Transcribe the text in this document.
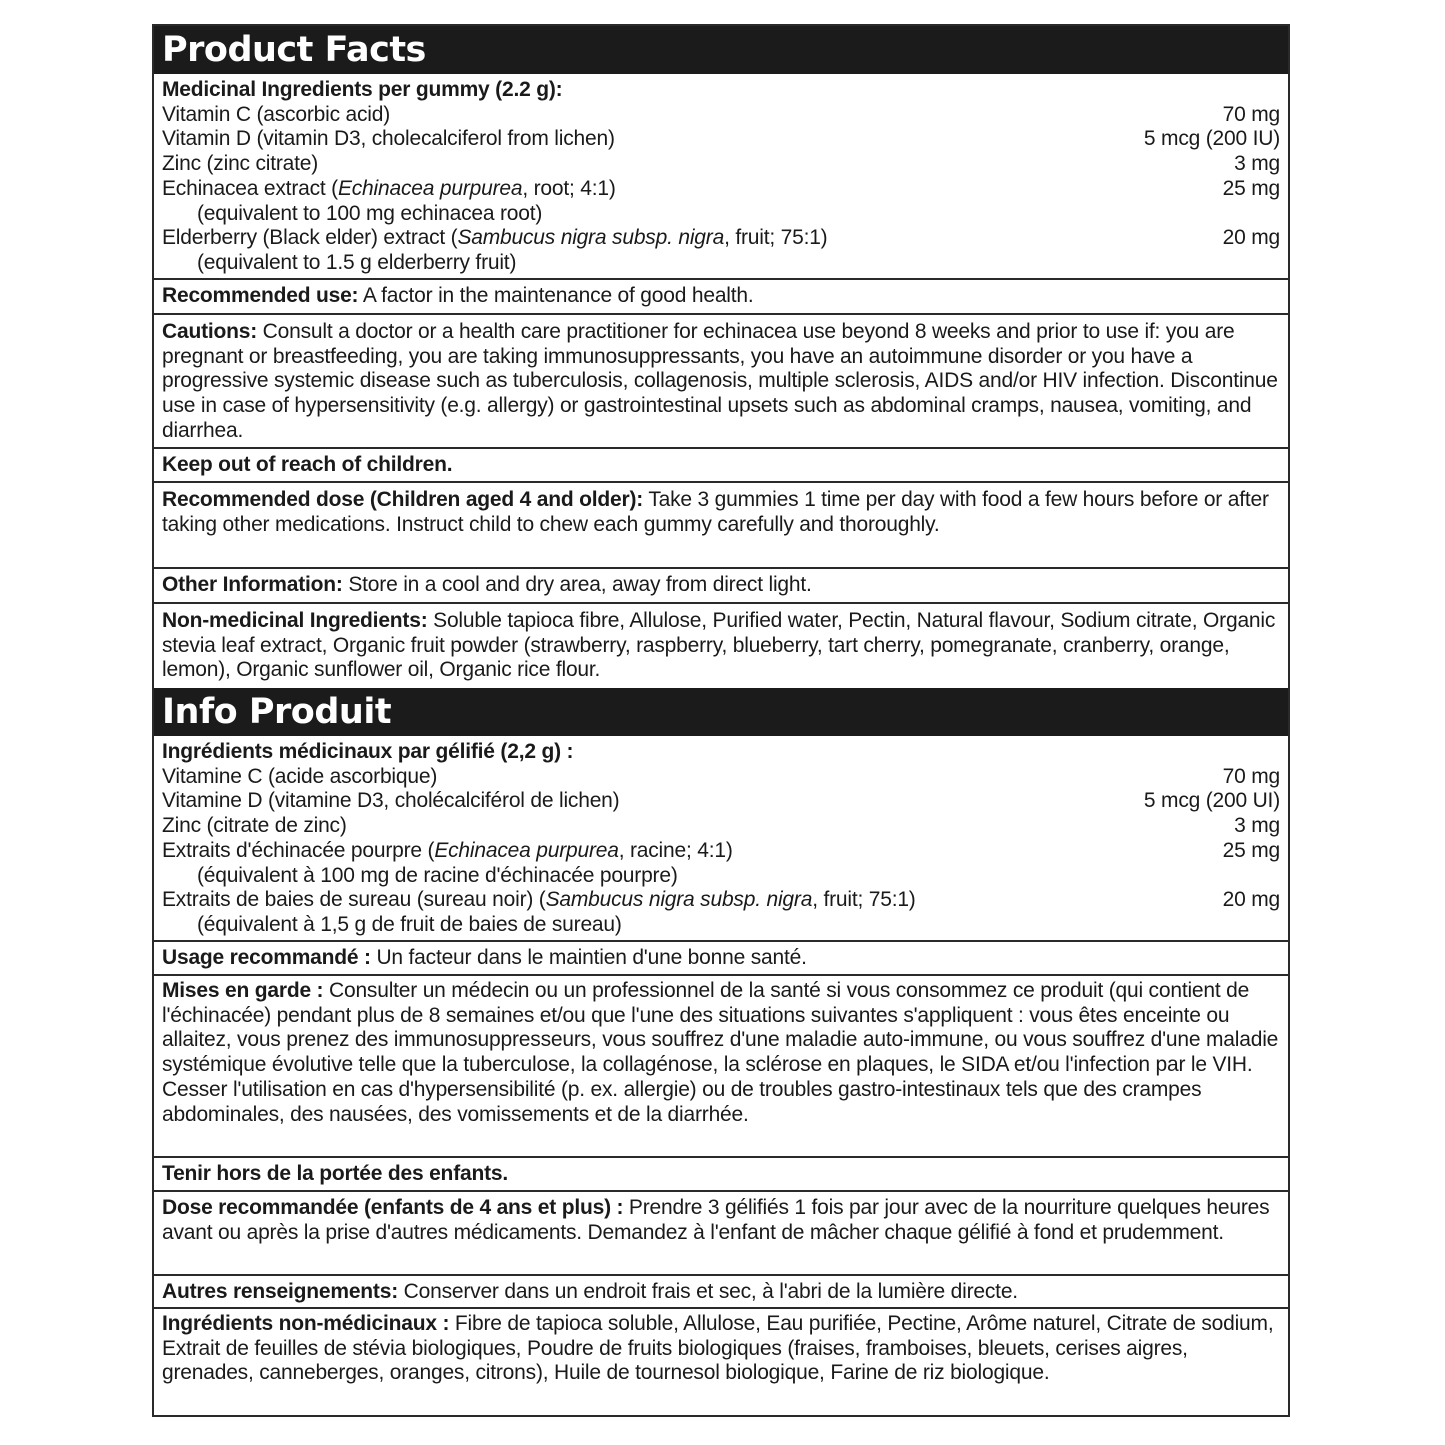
Product Facts

Medicinal Ingredients per gummy (2.2 g):

Vitamin C (ascorbic acid)	70 mg
Vitamin D (vitamin D3, cholecalciferol from lichen)	5 mcg (200 IU)
Zinc (zinc citrate)	3 mg
Echinacea extract (Echinacea purpurea, root; 4:1)	25 mg
(equivalent to 100 mg echinacea root)
Elderberry (Black elder) extract (Sambucus nigra subsp. nigra, fruit; 75:1)	20 mg
(equivalent to 1.5 g elderberry fruit)

Recommended use: A factor in the maintenance of good health.

Cautions: Consult a doctor or a health care practitioner for echinacea use beyond 8 weeks and prior to use if: you are pregnant or breastfeeding, you are taking immunosuppressants, you have an autoimmune disorder or you have a progressive systemic disease such as tuberculosis, collagenosis, multiple sclerosis, AIDS and/or HIV infection. Discontinue use in case of hypersensitivity (e.g. allergy) or gastrointestinal upsets such as abdominal cramps, nausea, vomiting, and diarrhea.

Keep out of reach of children.

Recommended dose (Children aged 4 and older): Take 3 gummies 1 time per day with food a few hours before or after taking other medications. Instruct child to chew each gummy carefully and thoroughly.

Other Information: Store in a cool and dry area, away from direct light.

Non-medicinal Ingredients: Soluble tapioca fibre, Allulose, Purified water, Pectin, Natural flavour, Sodium citrate, Organic stevia leaf extract, Organic fruit powder (strawberry, raspberry, blueberry, tart cherry, pomegranate, cranberry, orange, lemon), Organic sunflower oil, Organic rice flour.

Info Produit

Ingrédients médicinaux par gélifié (2,2 g) :

Vitamine C (acide ascorbique)	70 mg
Vitamine D (vitamine D3, cholécalciférol de lichen)	5 mcg (200 UI)
Zinc (citrate de zinc)	3 mg
Extraits d'échinacée pourpre (Echinacea purpurea, racine; 4:1)	25 mg
(équivalent à 100 mg de racine d'échinacée pourpre)
Extraits de baies de sureau (sureau noir) (Sambucus nigra subsp. nigra, fruit; 75:1)	20 mg
(équivalent à 1,5 g de fruit de baies de sureau)

Usage recommandé : Un facteur dans le maintien d'une bonne santé.

Mises en garde : Consulter un médecin ou un professionnel de la santé si vous consommez ce produit (qui contient de l'échinacée) pendant plus de 8 semaines et/ou que l'une des situations suivantes s'appliquent : vous êtes enceinte ou allaitez, vous prenez des immunosuppresseurs, vous souffrez d'une maladie auto-immune, ou vous souffrez d'une maladie systémique évolutive telle que la tuberculose, la collagénose, la sclérose en plaques, le SIDA et/ou l'infection par le VIH. Cesser l'utilisation en cas d'hypersensibilité (p. ex. allergie) ou de troubles gastro-intestinaux tels que des crampes abdominales, des nausées, des vomissements et de la diarrhée.

Tenir hors de la portée des enfants.

Dose recommandée (enfants de 4 ans et plus) : Prendre 3 gélifiés 1 fois par jour avec de la nourriture quelques heures avant ou après la prise d'autres médicaments. Demandez à l'enfant de mâcher chaque gélifié à fond et prudemment.

Autres renseignements: Conserver dans un endroit frais et sec, à l'abri de la lumière directe.

Ingrédients non-médicinaux : Fibre de tapioca soluble, Allulose, Eau purifiée, Pectine, Arôme naturel, Citrate de sodium, Extrait de feuilles de stévia biologiques, Poudre de fruits biologiques (fraises, framboises, bleuets, cerises aigres, grenades, canneberges, oranges, citrons), Huile de tournesol biologique, Farine de riz biologique.
